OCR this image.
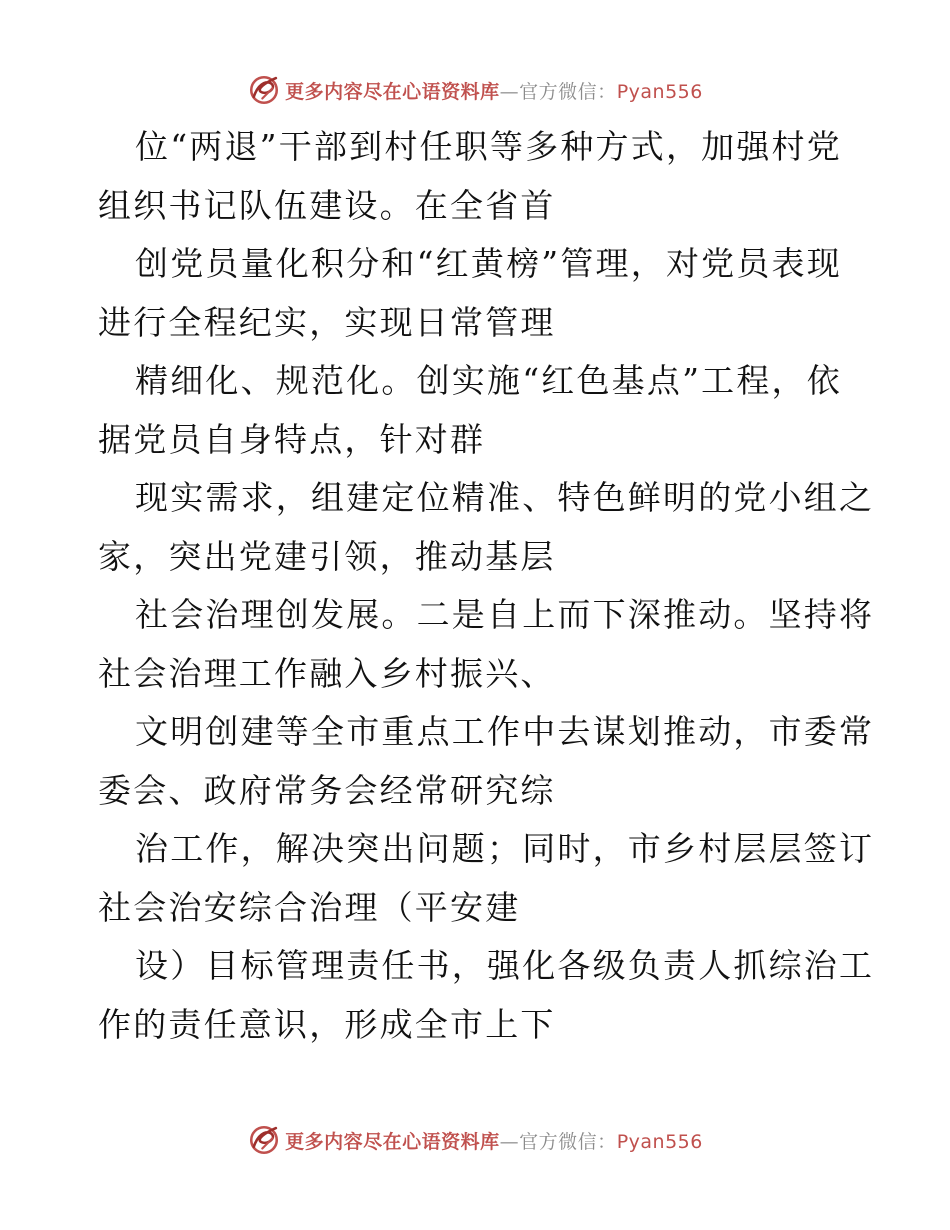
更多内容尽在心语资料库—官方微信：Pyan556
位“两退”干部到村任职等多种方式，加强村党
组织书记队伍建设。在全省首
创党员量化积分和“红黄榜”管理，对党员表现
进行全程纪实，实现日常管理
精细化、规范化。创实施“红色基点”工程，依
据党员自身特点，针对群
现实需求，组建定位精准、特色鲜明的党小组之
家，突出党建引领，推动基层
社会治理创发展。二是自上而下深推动。坚持将
社会治理工作融入乡村振兴、
文明创建等全市重点工作中去谋划推动，市委常
委会、政府常务会经常研究综
治工作，解决突出问题；同时，市乡村层层签订
社会治安综合治理（平安建
设）目标管理责任书，强化各级负责人抓综治工
作的责任意识，形成全市上下
更多内容尽在心语资料库—官方微信：Pyan556
